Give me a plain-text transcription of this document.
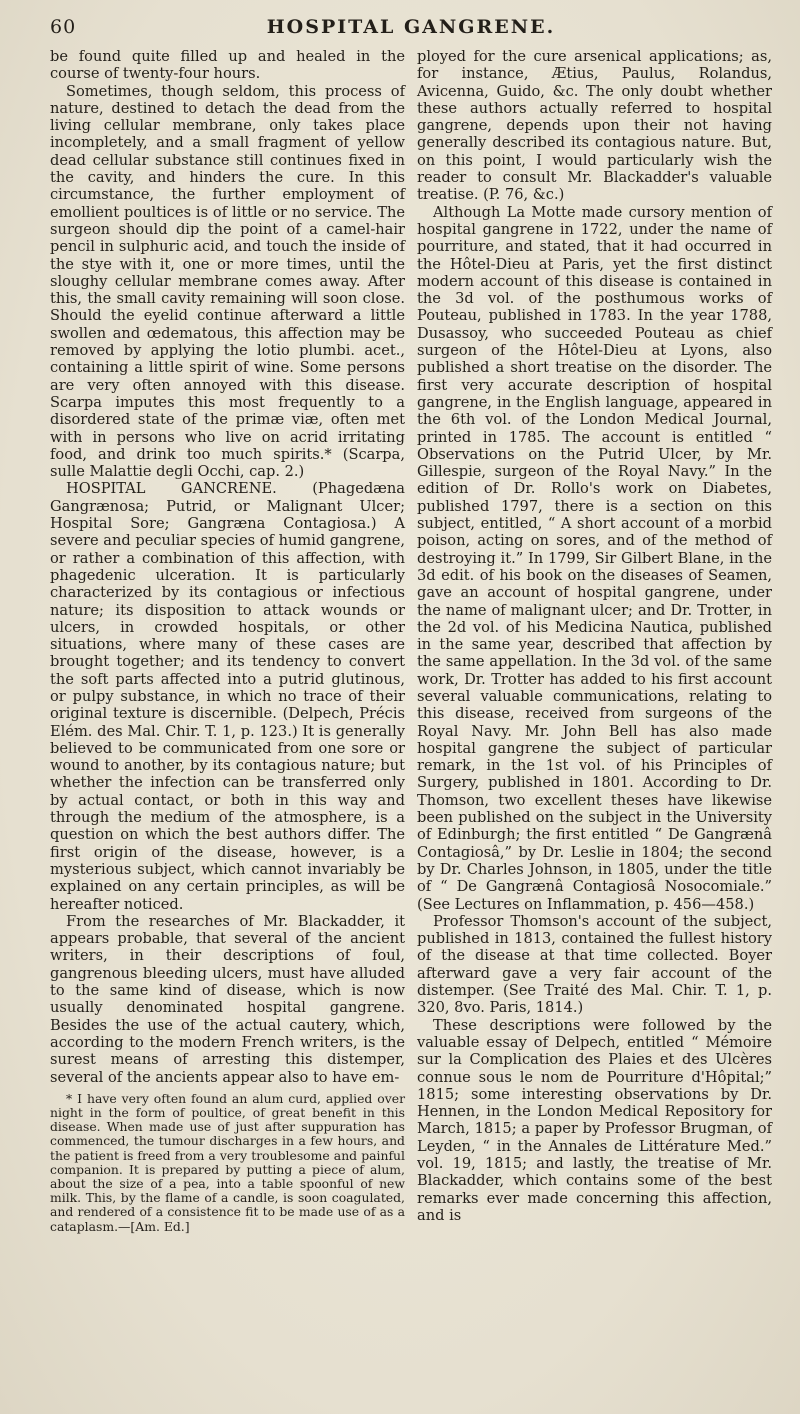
60	HOSPITAL GANGRENE.

be found quite filled up and healed in the course of twenty-four hours.

Sometimes, though seldom, this process of nature, destined to detach the dead from the living cellular membrane, only takes place incompletely, and a small fragment of yellow dead cellular substance still continues fixed in the cavity, and hinders the cure. In this circumstance, the further employment of emollient poultices is of little or no service. The surgeon should dip the point of a camel-hair pencil in sulphuric acid, and touch the inside of the stye with it, one or more times, until the sloughy cellular membrane comes away. After this, the small cavity remaining will soon close. Should the eyelid continue afterward a little swollen and œdematous, this affection may be removed by applying the lotio plumbi. acet., containing a little spirit of wine. Some persons are very often annoyed with this disease. Scarpa imputes this most frequently to a disordered state of the primæ viæ, often met with in persons who live on acrid irritating food, and drink too much spirits.* (Scarpa, sulle Malattie degli Occhi, cap. 2.)

HOSPITAL GANCRENE. (Phagedæna Gangrænosa; Putrid, or Malignant Ulcer; Hospital Sore; Gangræna Contagiosa.) A severe and peculiar species of humid gangrene, or rather a combination of this affection, with phagedenic ulceration. It is particularly characterized by its contagious or infectious nature; its disposition to attack wounds or ulcers, in crowded hospitals, or other situations, where many of these cases are brought together; and its tendency to convert the soft parts affected into a putrid glutinous, or pulpy substance, in which no trace of their original texture is discernible. (Delpech, Précis Elém. des Mal. Chir. T. 1, p. 123.) It is generally believed to be communicated from one sore or wound to another, by its contagious nature; but whether the infection can be transferred only by actual contact, or both in this way and through the medium of the atmosphere, is a question on which the best authors differ. The first origin of the disease, however, is a mysterious subject, which cannot invariably be explained on any certain principles, as will be hereafter noticed.

From the researches of Mr. Blackadder, it appears probable, that several of the ancient writers, in their descriptions of foul, gangrenous bleeding ulcers, must have alluded to the same kind of disease, which is now usually denominated hospital gangrene. Besides the use of the actual cautery, which, according to the modern French writers, is the surest means of arresting this distemper, several of the ancients appear also to have em-

* I have very often found an alum curd, applied over night in the form of poultice, of great benefit in this disease. When made use of just after suppuration has commenced, the tumour discharges in a few hours, and the patient is freed from a very troublesome and painful companion. It is prepared by putting a piece of alum, about the size of a pea, into a table spoonful of new milk. This, by the flame of a candle, is soon coagulated, and rendered of a consistence fit to be made use of as a cataplasm.—[Am. Ed.]

ployed for the cure arsenical applications; as, for instance, Ætius, Paulus, Rolandus, Avicenna, Guido, &c. The only doubt whether these authors actually referred to hospital gangrene, depends upon their not having generally described its contagious nature. But, on this point, I would particularly wish the reader to consult Mr. Blackadder's valuable treatise. (P. 76, &c.)

Although La Motte made cursory mention of hospital gangrene in 1722, under the name of pourriture, and stated, that it had occurred in the Hôtel-Dieu at Paris, yet the first distinct modern account of this disease is contained in the 3d vol. of the posthumous works of Pouteau, published in 1783. In the year 1788, Dusassoy, who succeeded Pouteau as chief surgeon of the Hôtel-Dieu at Lyons, also published a short treatise on the disorder. The first very accurate description of hospital gangrene, in the English language, appeared in the 6th vol. of the London Medical Journal, printed in 1785. The account is entitled “ Observations on the Putrid Ulcer, by Mr. Gillespie, surgeon of the Royal Navy.” In the edition of Dr. Rollo's work on Diabetes, published 1797, there is a section on this subject, entitled, “ A short account of a morbid poison, acting on sores, and of the method of destroying it.” In 1799, Sir Gilbert Blane, in the 3d edit. of his book on the diseases of Seamen, gave an account of hospital gangrene, under the name of malignant ulcer; and Dr. Trotter, in the 2d vol. of his Medicina Nautica, published in the same year, described that affection by the same appellation. In the 3d vol. of the same work, Dr. Trotter has added to his first account several valuable communications, relating to this disease, received from surgeons of the Royal Navy. Mr. John Bell has also made hospital gangrene the subject of particular remark, in the 1st vol. of his Principles of Surgery, published in 1801. According to Dr. Thomson, two excellent theses have likewise been published on the subject in the University of Edinburgh; the first entitled “ De Gangrænâ Contagiosâ,” by Dr. Leslie in 1804; the second by Dr. Charles Johnson, in 1805, under the title of “ De Gangrænâ Contagiosâ Nosocomiale.” (See Lectures on Inflammation, p. 456—458.)

Professor Thomson's account of the subject, published in 1813, contained the fullest history of the disease at that time collected. Boyer afterward gave a very fair account of the distemper. (See Traité des Mal. Chir. T. 1, p. 320, 8vo. Paris, 1814.)

These descriptions were followed by the valuable essay of Delpech, entitled “ Mémoire sur la Complication des Plaies et des Ulcères connue sous le nom de Pourriture d'Hôpital;” 1815; some interesting observations by Dr. Hennen, in the London Medical Repository for March, 1815; a paper by Professor Brugman, of Leyden, “ in the Annales de Littérature Med.” vol. 19, 1815; and lastly, the treatise of Mr. Blackadder, which contains some of the best remarks ever made concerning this affection, and is
